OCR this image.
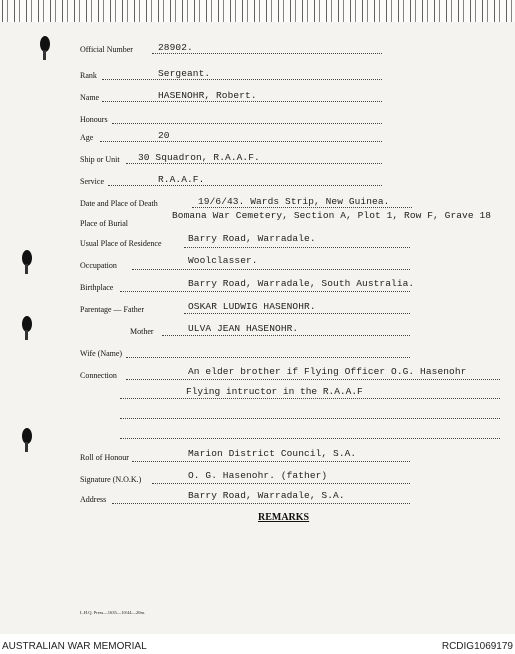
Official Number	28902.
Rank	Sergeant.
Name	HASENOHR, Robert.
Honours
Age	20
Ship or Unit 30 Squadron, R.A.A.F.
Service	R.A.A.F.
Date and Place of Death	19/6/43. Wards Strip, New Guinea.
Place of Burial
Bomana War Cemetery, Section A, Plot 1, Row F, Grave 18
Usual Place of Residence	Barry Road, Warradale.
Occupation	Woolclasser.
Birthplace	Barry Road, Warradale, South Australia.
Parentage — Father	OSKAR LUDWIG HASENOHR.
Mother	ULVA JEAN HASENOHR.
Wife (Name)
Connection	An elder brother if Flying Officer O.G. Hasenohr
Flying intructor in the R.A.A.F
Roll of Honour	Marion District Council, S.A.
Signature (N.O.K.)	O. G. Hasenohr. (father)
Address	Barry Road, Warradale, S.A.
REMARKS
L.H.Q. Press—1635—10/44—20m.
AUSTRALIAN WAR MEMORIAL	RCDIG1069179
